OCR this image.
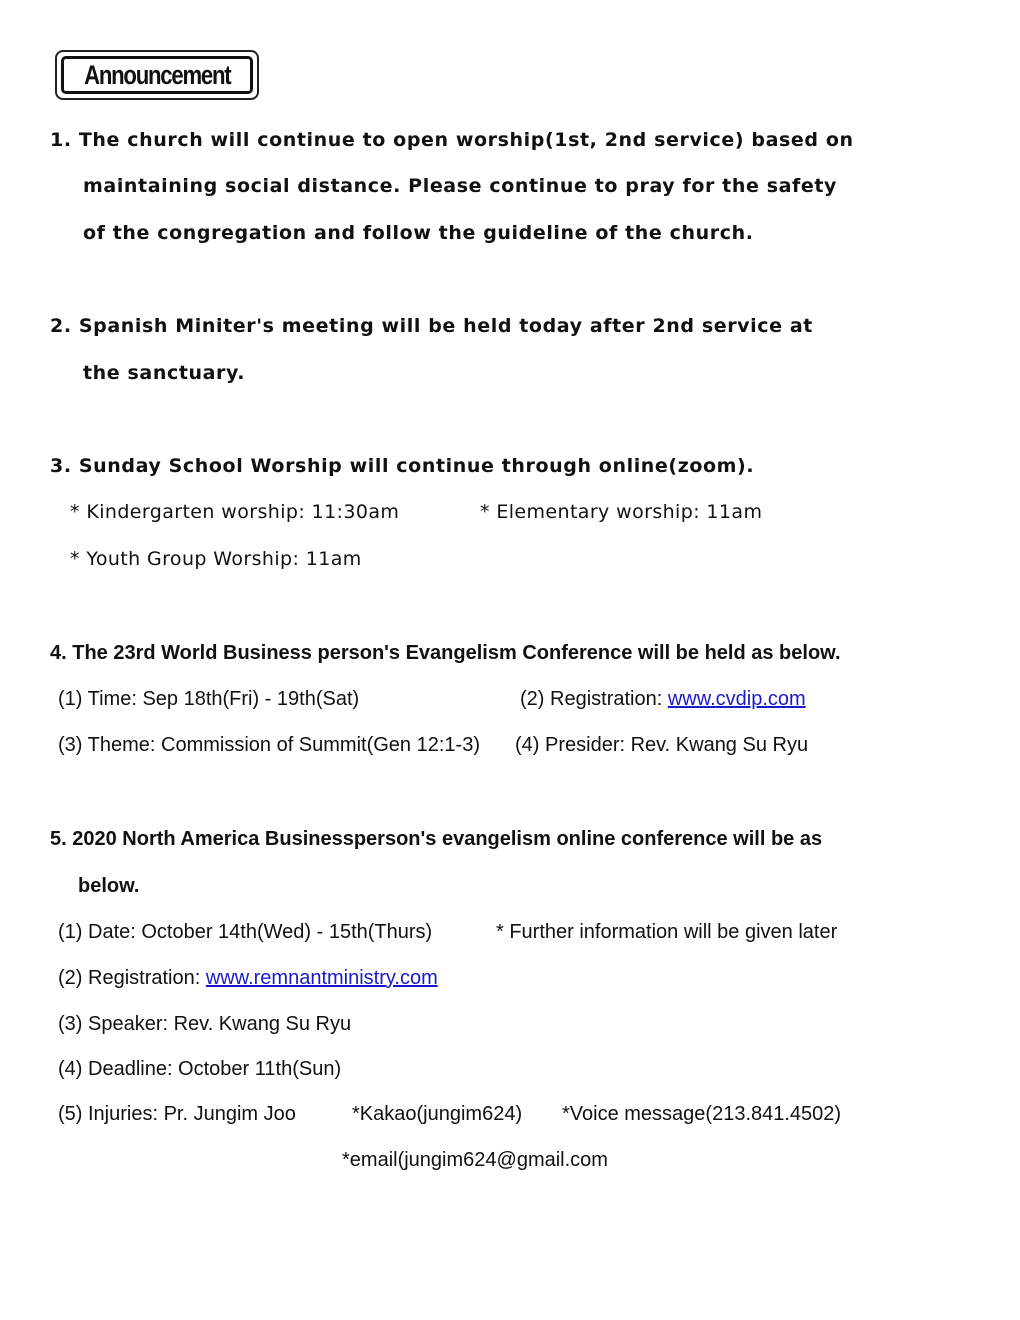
Announcement
1. The church will continue to open worship(1st, 2nd service) based on
maintaining social distance. Please continue to pray for the safety
of the congregation and follow the guideline of the church.
2. Spanish Miniter's meeting will be held today after 2nd service at
the sanctuary.
3. Sunday School Worship will continue through online(zoom).
* Kindergarten worship: 11:30am	* Elementary worship: 11am
* Youth Group Worship: 11am
4. The 23rd World Business person's Evangelism Conference will be held as below.
(1) Time: Sep 18th(Fri) - 19th(Sat)	(2) Registration: www.cvdip.com
(3) Theme: Commission of Summit(Gen 12:1-3) (4) Presider: Rev. Kwang Su Ryu
5. 2020 North America Businessperson's evangelism online conference will be as
below.
(1) Date: October 14th(Wed) - 15th(Thurs)	* Further information will be given later
(2) Registration: www.remnantministry.com
(3) Speaker: Rev. Kwang Su Ryu
(4) Deadline: October 11th(Sun)
(5) Injuries: Pr. Jungim Joo	*Kakao(jungim624) *Voice message(213.841.4502)
*email(jungim624@gmail.com
